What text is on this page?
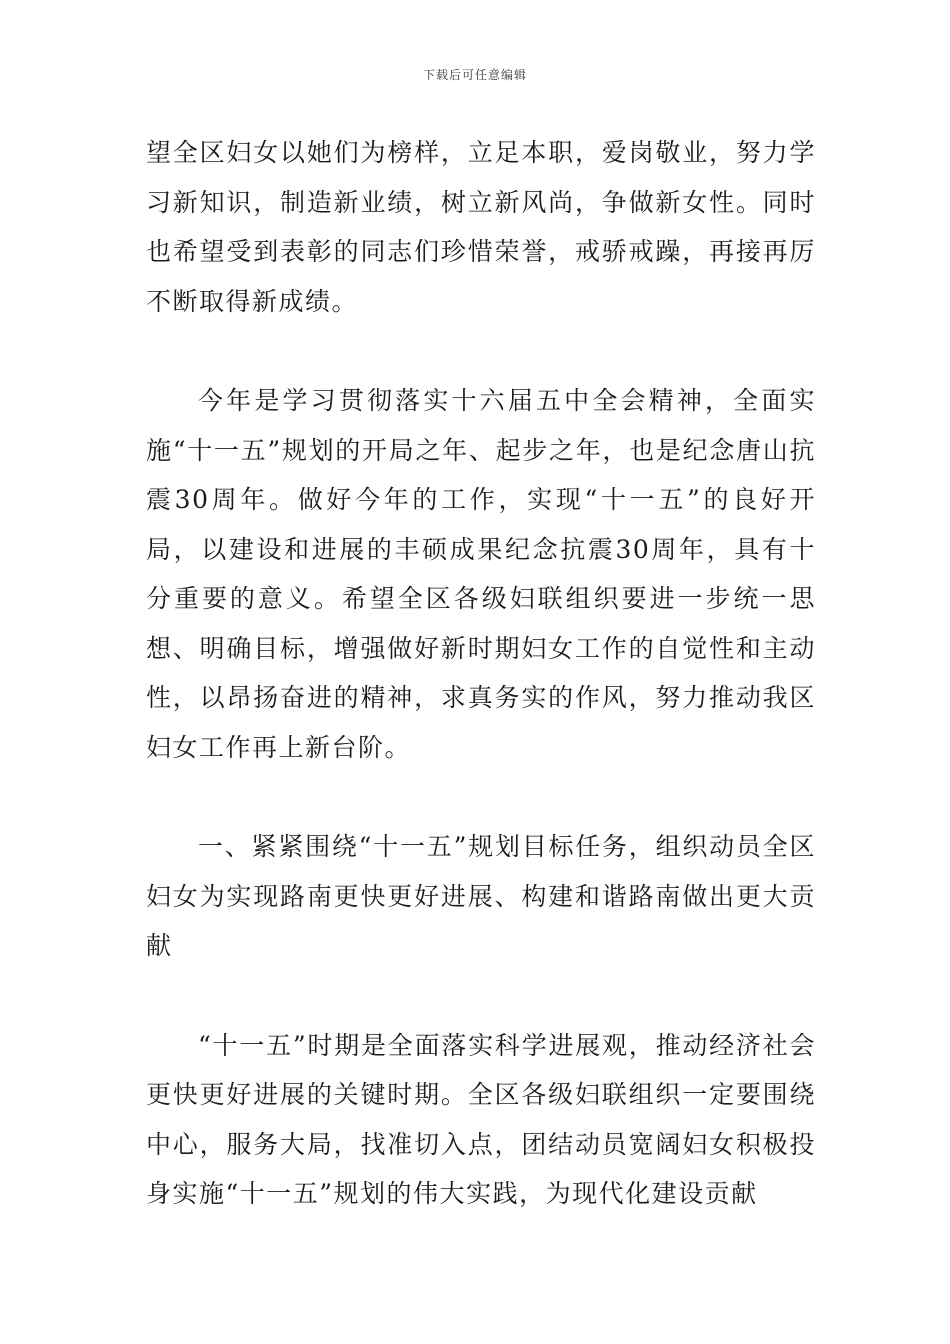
下载后可任意编辑

望全区妇女以她们为榜样，立足本职，爱岗敬业，努力学习新知识，制造新业绩，树立新风尚，争做新女性。同时也希望受到表彰的同志们珍惜荣誉，戒骄戒躁，再接再厉不断取得新成绩。

今年是学习贯彻落实十六届五中全会精神，全面实施“十一五”规划的开局之年、起步之年，也是纪念唐山抗震30周年。做好今年的工作，实现“十一五”的良好开局，以建设和进展的丰硕成果纪念抗震30周年，具有十分重要的意义。希望全区各级妇联组织要进一步统一思想、明确目标，增强做好新时期妇女工作的自觉性和主动性，以昂扬奋进的精神，求真务实的作风，努力推动我区妇女工作再上新台阶。

一、紧紧围绕“十一五”规划目标任务，组织动员全区妇女为实现路南更快更好进展、构建和谐路南做出更大贡献

“十一五”时期是全面落实科学进展观，推动经济社会更快更好进展的关键时期。全区各级妇联组织一定要围绕中心，服务大局，找准切入点，团结动员宽阔妇女积极投身实施“十一五”规划的伟大实践，为现代化建设贡献
